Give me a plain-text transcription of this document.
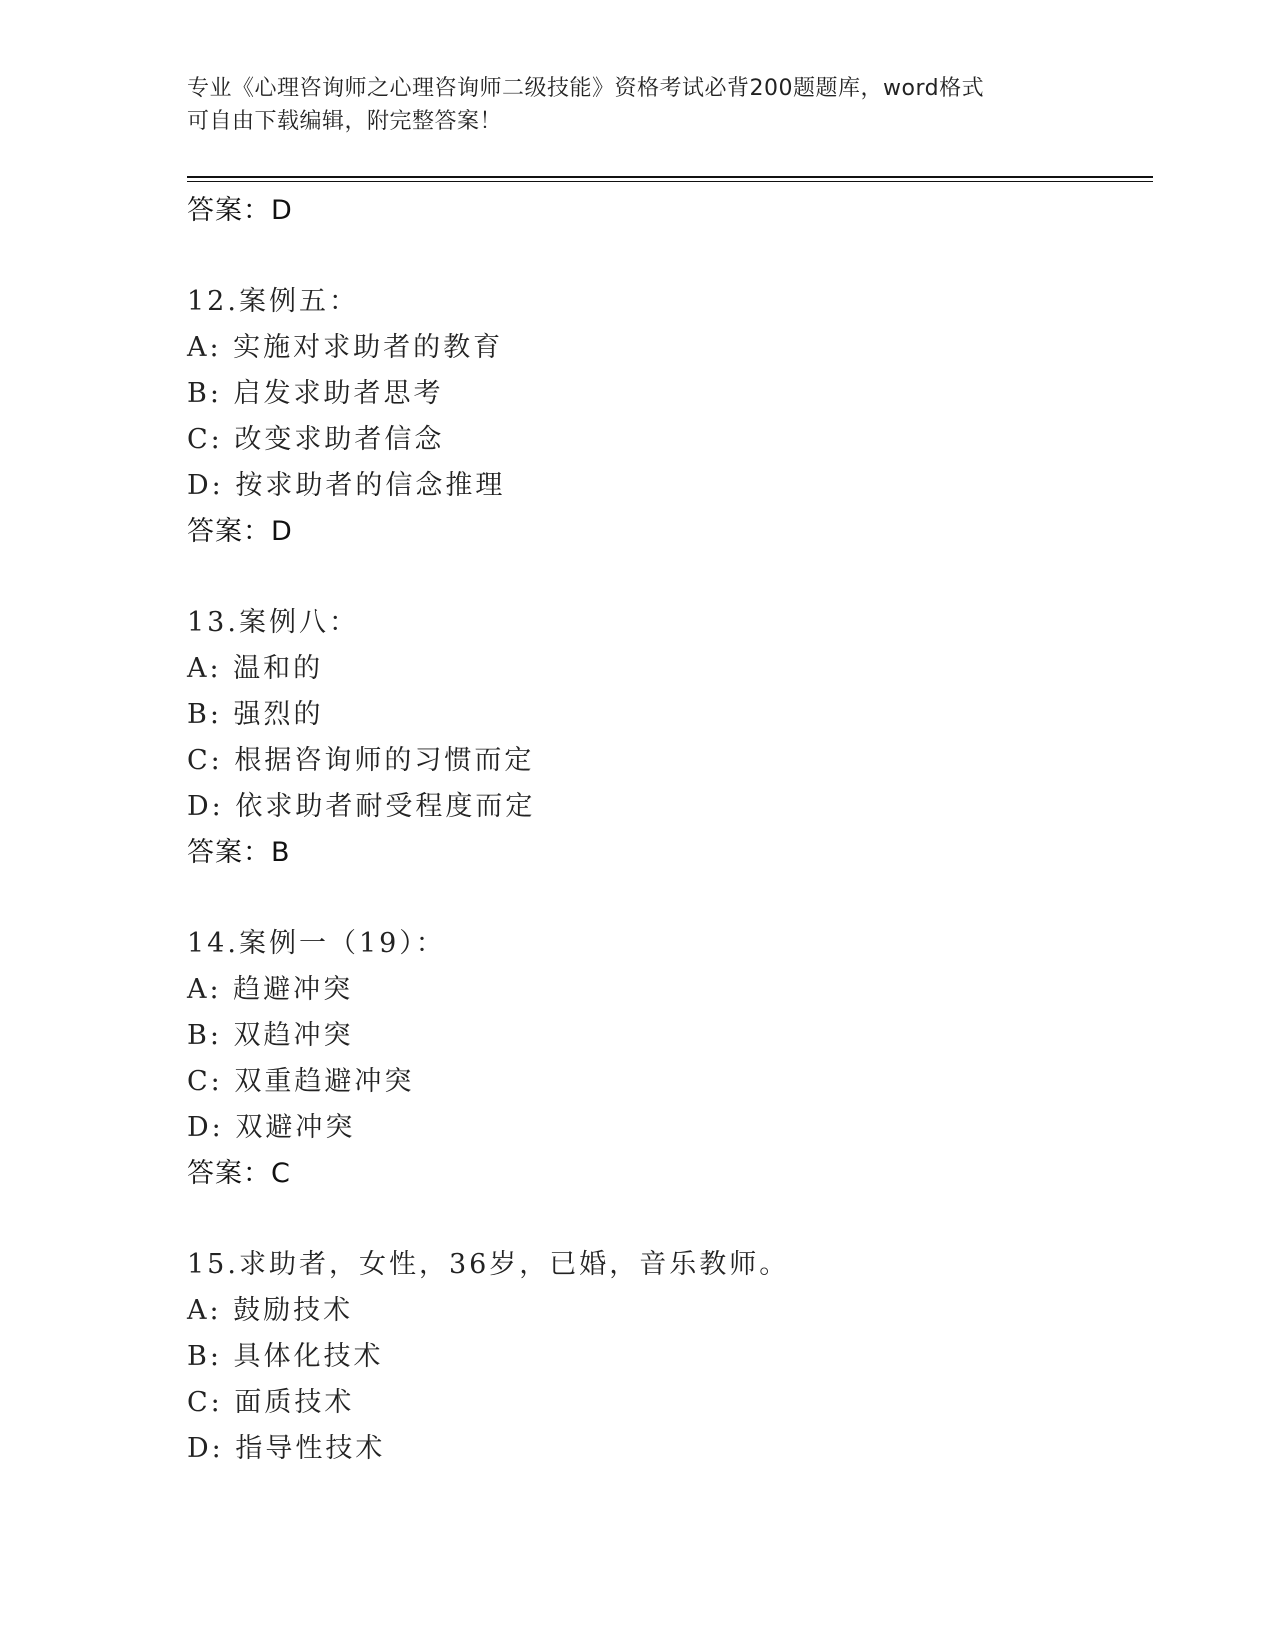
专业《心理咨询师之心理咨询师二级技能》资格考试必背200题题库，word格式
可自由下载编辑，附完整答案！
答案：D
12.案例五：
A: 实施对求助者的教育
B: 启发求助者思考
C: 改变求助者信念
D: 按求助者的信念推理
答案：D
13.案例八：
A: 温和的
B: 强烈的
C: 根据咨询师的习惯而定
D: 依求助者耐受程度而定
答案：B
14.案例一（19）：
A: 趋避冲突
B: 双趋冲突
C: 双重趋避冲突
D: 双避冲突
答案：C
15.求助者，女性，36岁，已婚，音乐教师。
A: 鼓励技术
B: 具体化技术
C: 面质技术
D: 指导性技术
